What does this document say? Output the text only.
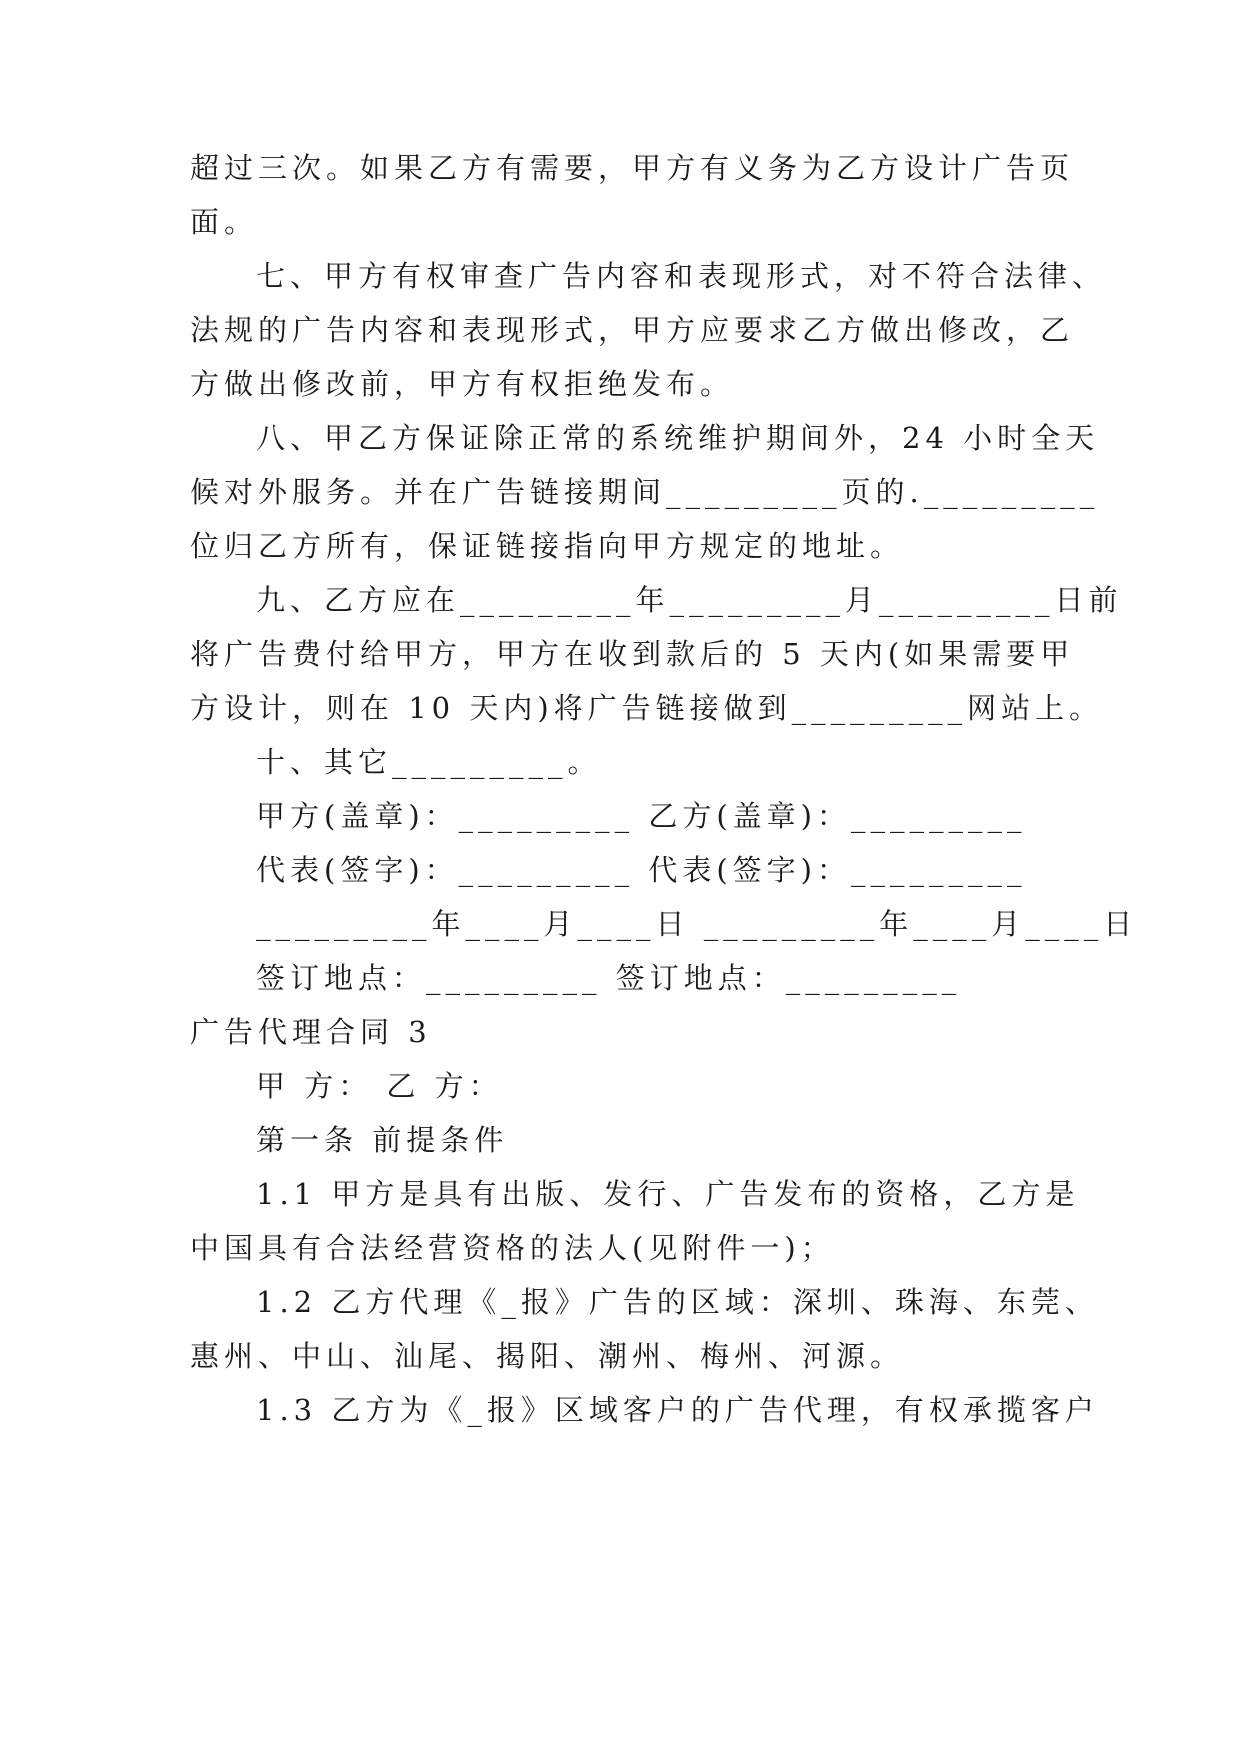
超过三次。如果乙方有需要，甲方有义务为乙方设计广告页
面。
七、甲方有权审查广告内容和表现形式，对不符合法律、
法规的广告内容和表现形式，甲方应要求乙方做出修改，乙
方做出修改前，甲方有权拒绝发布。
八、甲乙方保证除正常的系统维护期间外，24 小时全天
候对外服务。并在广告链接期间_________页的._________
位归乙方所有，保证链接指向甲方规定的地址。
九、乙方应在_________年_________月_________日前
将广告费付给甲方，甲方在收到款后的 5 天内(如果需要甲
方设计，则在 10 天内)将广告链接做到_________网站上。
十、其它_________。
甲方(盖章)：_________ 乙方(盖章)：_________
代表(签字)：_________ 代表(签字)：_________
_________年____月____日 _________年____月____日
签订地点：_________ 签订地点：_________
广告代理合同 3
甲 方： 乙 方：
第一条 前提条件
1.1 甲方是具有出版、发行、广告发布的资格，乙方是
中国具有合法经营资格的法人(见附件一)；
1.2 乙方代理《_报》广告的区域：深圳、珠海、东莞、
惠州、中山、汕尾、揭阳、潮州、梅州、河源。
1.3 乙方为《_报》区域客户的广告代理，有权承揽客户
